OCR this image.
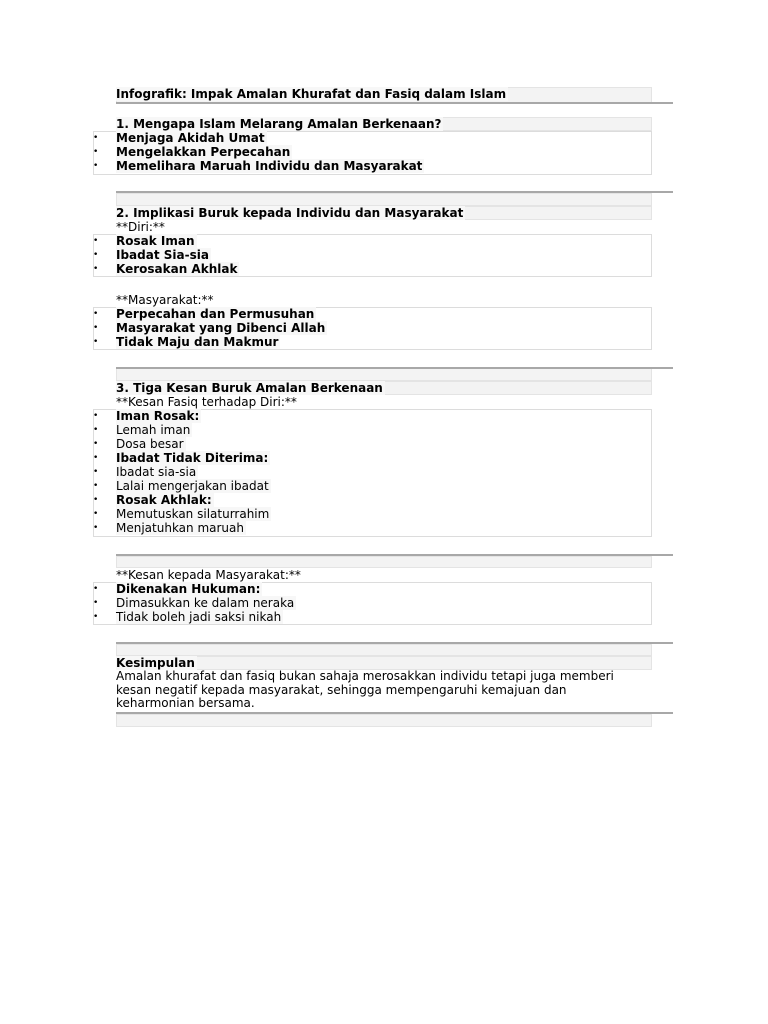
Infografik: Impak Amalan Khurafat dan Fasiq dalam Islam
1. Mengapa Islam Melarang Amalan Berkenaan?
• Menjaga Akidah Umat
• Mengelakkan Perpecahan
• Memelihara Maruah Individu dan Masyarakat
2. Implikasi Buruk kepada Individu dan Masyarakat
**Diri:**
• Rosak Iman
• Ibadat Sia-sia
• Kerosakan Akhlak
**Masyarakat:**
• Perpecahan dan Permusuhan
• Masyarakat yang Dibenci Allah
• Tidak Maju dan Makmur
3. Tiga Kesan Buruk Amalan Berkenaan
**Kesan Fasiq terhadap Diri:**
• Iman Rosak:
• Lemah iman
• Dosa besar
• Ibadat Tidak Diterima:
• Ibadat sia-sia
• Lalai mengerjakan ibadat
• Rosak Akhlak:
• Memutuskan silaturrahim
• Menjatuhkan maruah
**Kesan kepada Masyarakat:**
• Dikenakan Hukuman:
• Dimasukkan ke dalam neraka
• Tidak boleh jadi saksi nikah
Kesimpulan
Amalan khurafat dan fasiq bukan sahaja merosakkan individu tetapi juga memberi kesan negatif kepada masyarakat, sehingga mempengaruhi kemajuan dan keharmonian bersama.
